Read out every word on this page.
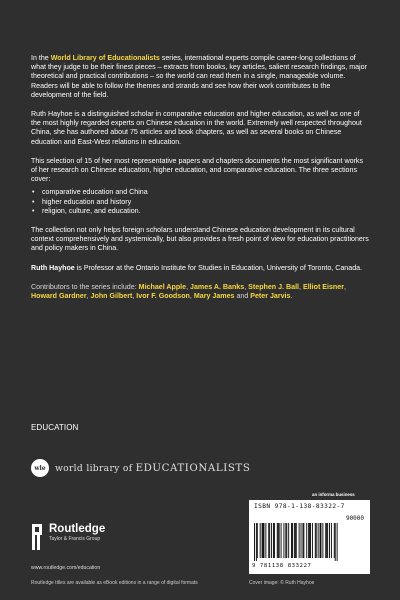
In the World Library of Educationalists series, international experts compile career-long collections of what they judge to be their finest pieces – extracts from books, key articles, salient research findings, major theoretical and practical contributions – so the world can read them in a single, manageable volume. Readers will be able to follow the themes and strands and see how their work contributes to the development of the field.

Ruth Hayhoe is a distinguished scholar in comparative education and higher education, as well as one of the most highly regarded experts on Chinese education in the world. Extremely well respected throughout China, she has authored about 75 articles and book chapters, as well as several books on Chinese education and East-West relations in education.

This selection of 15 of her most representative papers and chapters documents the most significant works of her research on Chinese education, higher education, and comparative education. The three sections cover:

• comparative education and China
• higher education and history
• religion, culture, and education.

The collection not only helps foreign scholars understand Chinese education development in its cultural context comprehensively and systemically, but also provides a fresh point of view for education practitioners and policy makers in China.

Ruth Hayhoe is Professor at the Ontario Institute for Studies in Education, University of Toronto, Canada.

Contributors to the series include: Michael Apple, James A. Banks, Stephen J. Ball, Elliot Eisner, Howard Gardner, John Gilbert, Ivor F. Goodson, Mary James and Peter Jarvis.

EDUCATION
wle	world library of EDUCATIONALISTS
Routledge
Taylor & Francis Group
www.routledge.com/education
Routledge titles are available as eBook editions in a range of digital formats
an informa business
ISBN 978-1-138-83322-7
90000
9 781138 833227
Cover image: © Ruth Hayhoe
